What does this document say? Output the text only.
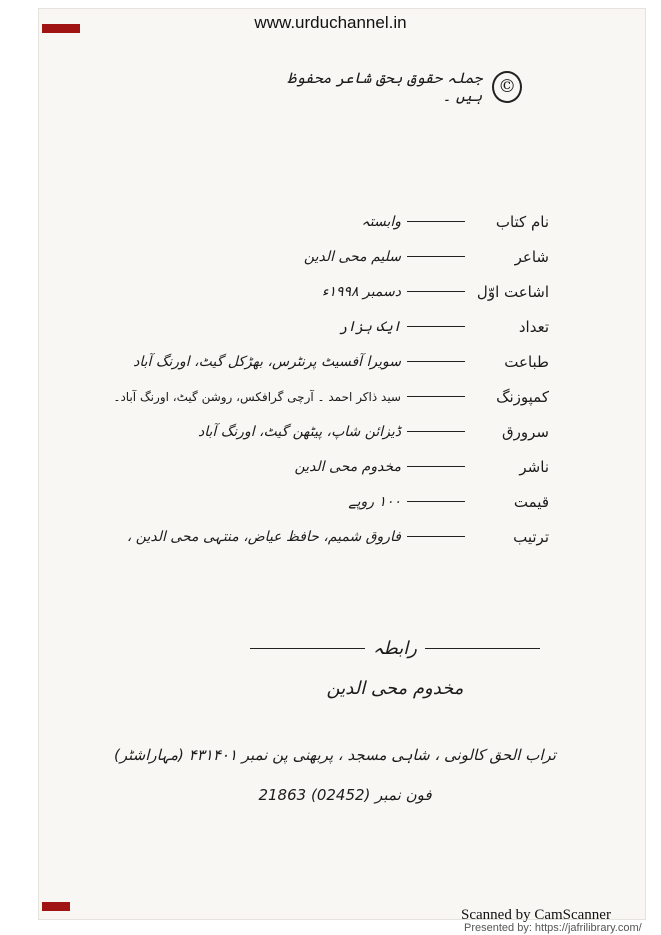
www.urduchannel.in
©
جملہ حقوق بحق شاعر محفوظ ہیں ۔
نام کتاب
وابستہ
شاعر
سلیم محی الدین
اشاعت اوّل
دسمبر ۱۹۹۸ء
تعداد
ایک ہزار
طباعت
سویرا آفسیٹ پرنٹرس، بھڑکل گیٹ، اورنگ آباد
کمپوزنگ
سید ذاکر احمد ۔ آرچی گرافکس، روشن گیٹ، اورنگ آباد۔
سرورق
ڈیزائن شاپ، پیٹھن گیٹ، اورنگ آباد
ناشر
مخدوم محی الدین
قیمت
۱۰۰ روپے
ترتیب
فاروق شمیم، حافظ عیاض، منتہی محی الدین ،
رابطہ
مخدوم محی الدین
تراب الحق کالونی ، شاہی مسجد ، پربھنی پن نمبر ۴۳۱۴۰۱ (مہاراشٹر)
فون نمبر (02452) 21863
Scanned by CamScanner
Presented by: https://jafrilibrary.com/
